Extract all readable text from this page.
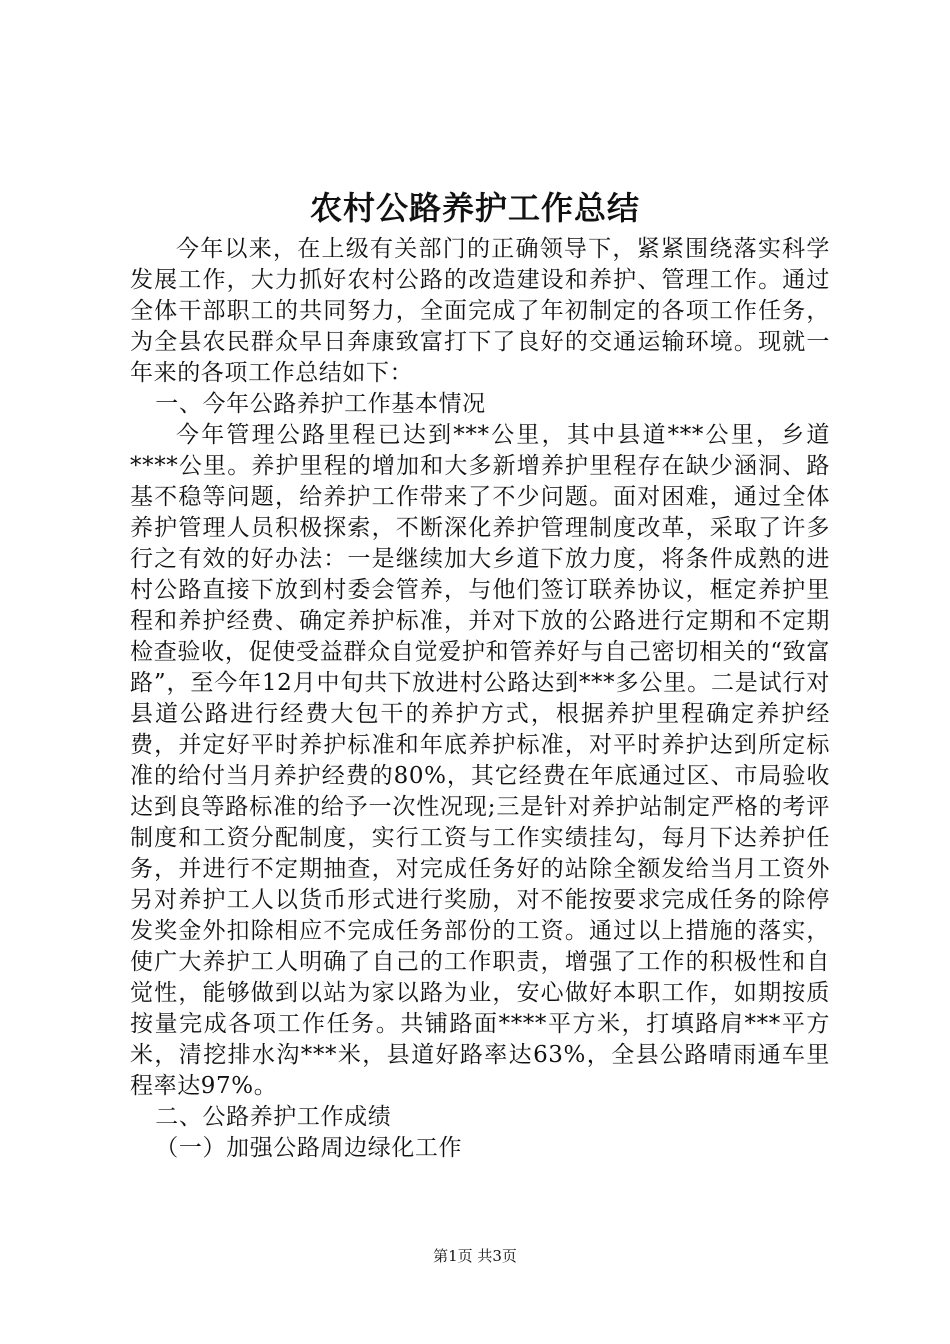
农村公路养护工作总结

今年以来，在上级有关部门的正确领导下，紧紧围绕落实科学发展工作，大力抓好农村公路的改造建设和养护、管理工作。通过全体干部职工的共同努力，全面完成了年初制定的各项工作任务，为全县农民群众早日奔康致富打下了良好的交通运输环境。现就一年来的各项工作总结如下：

一、今年公路养护工作基本情况

今年管理公路里程已达到***公里，其中县道***公里，乡道****公里。养护里程的增加和大多新增养护里程存在缺少涵洞、路基不稳等问题，给养护工作带来了不少问题。面对困难，通过全体养护管理人员积极探索，不断深化养护管理制度改革，采取了许多行之有效的好办法：一是继续加大乡道下放力度，将条件成熟的进村公路直接下放到村委会管养，与他们签订联养协议，框定养护里程和养护经费、确定养护标准，并对下放的公路进行定期和不定期检查验收，促使受益群众自觉爱护和管养好与自己密切相关的“致富路”，至今年12月中旬共下放进村公路达到***多公里。二是试行对县道公路进行经费大包干的养护方式，根据养护里程确定养护经费，并定好平时养护标准和年底养护标准，对平时养护达到所定标准的给付当月养护经费的80%，其它经费在年底通过区、市局验收达到良等路标准的给予一次性况现;三是针对养护站制定严格的考评制度和工资分配制度，实行工资与工作实绩挂勾，每月下达养护任务，并进行不定期抽查，对完成任务好的站除全额发给当月工资外另对养护工人以货币形式进行奖励，对不能按要求完成任务的除停发奖金外扣除相应不完成任务部份的工资。通过以上措施的落实，使广大养护工人明确了自己的工作职责，增强了工作的积极性和自觉性，能够做到以站为家以路为业，安心做好本职工作，如期按质按量完成各项工作任务。共铺路面****平方米，打填路肩***平方米，清挖排水沟***米，县道好路率达63%，全县公路晴雨通车里程率达97%。

二、公路养护工作成绩

（一）加强公路周边绿化工作

第1页 共3页
